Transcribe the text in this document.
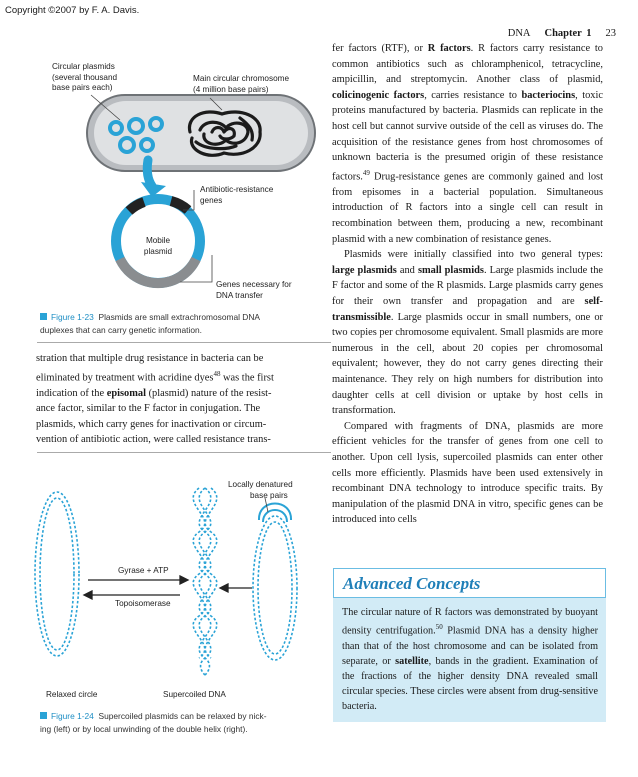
Copyright ©2007 by F. A. Davis.
DNA Chapter 1 23
Circular plasmids
(several thousand
base pairs each)
Main circular chromosome
(4 million base pairs)
Antibiotic-resistance
genes
Mobile
plasmid
Genes necessary for
DNA transfer
Figure 1-23 Plasmids are small extrachromosomal DNA
duplexes that can carry genetic information.
stration that multiple drug resistance in bacteria can be
eliminated by treatment with acridine dyes$^{48}$ was the first
indication of the episomal (plasmid) nature of the resist-
ance factor, similar to the F factor in conjugation. The
plasmids, which carry genes for inactivation or circum-
vention of antibiotic action, were called resistance trans-
Locally denatured
base pairs
Gyrase + ATP
Topoisomerase
Relaxed circle	Supercoiled DNA
Figure 1-24 Supercoiled plasmids can be relaxed by nick-
ing (left) or by local unwinding of the double helix (right).

fer factors (RTF), or R factors. R factors carry resistance to common antibiotics such as chloramphenicol, tetracycline, ampicillin, and streptomycin. Another class of plasmid, colicinogenic factors, carries resistance to bacteriocins, toxic proteins manufactured by bacteria. Plasmids can replicate in the host cell but cannot survive outside of the cell as viruses do. The acquisition of the resistance genes from host chromosomes of unknown bacteria is the presumed origin of these resistance factors.$^{49}$ Drug-resistance genes are commonly gained and lost from episomes in a bacterial population. Simultaneous introduction of R factors into a single cell can result in recombination between them, producing a new, recombinant plasmid with a new combination of resistance genes.

Plasmids were initially classified into two general types: large plasmids and small plasmids. Large plasmids include the F factor and some of the R plasmids. Large plasmids carry genes for their own transfer and propagation and are self-transmissible. Large plasmids occur in small numbers, one or two copies per chromosome equivalent. Small plasmids are more numerous in the cell, about 20 copies per chromosomal equivalent; however, they do not carry genes directing their maintenance. They rely on high numbers for distribution into daughter cells at cell division or uptake by host cells in transformation.

Compared with fragments of DNA, plasmids are more efficient vehicles for the transfer of genes from one cell to another. Upon cell lysis, supercoiled plasmids can enter other cells more efficiently. Plasmids have been used extensively in recombinant DNA technology to introduce specific traits. By manipulation of the plasmid DNA in vitro, specific genes can be introduced into cells

Advanced Concepts
The circular nature of R factors was demonstrated by buoyant density centrifugation.$^{50}$ Plasmid DNA has a density higher than that of the host chromosome and can be isolated from separate, or satellite, bands in the gradient. Examination of the fractions of the higher density DNA revealed small circular species. These circles were absent from drug-sensitive bacteria.
